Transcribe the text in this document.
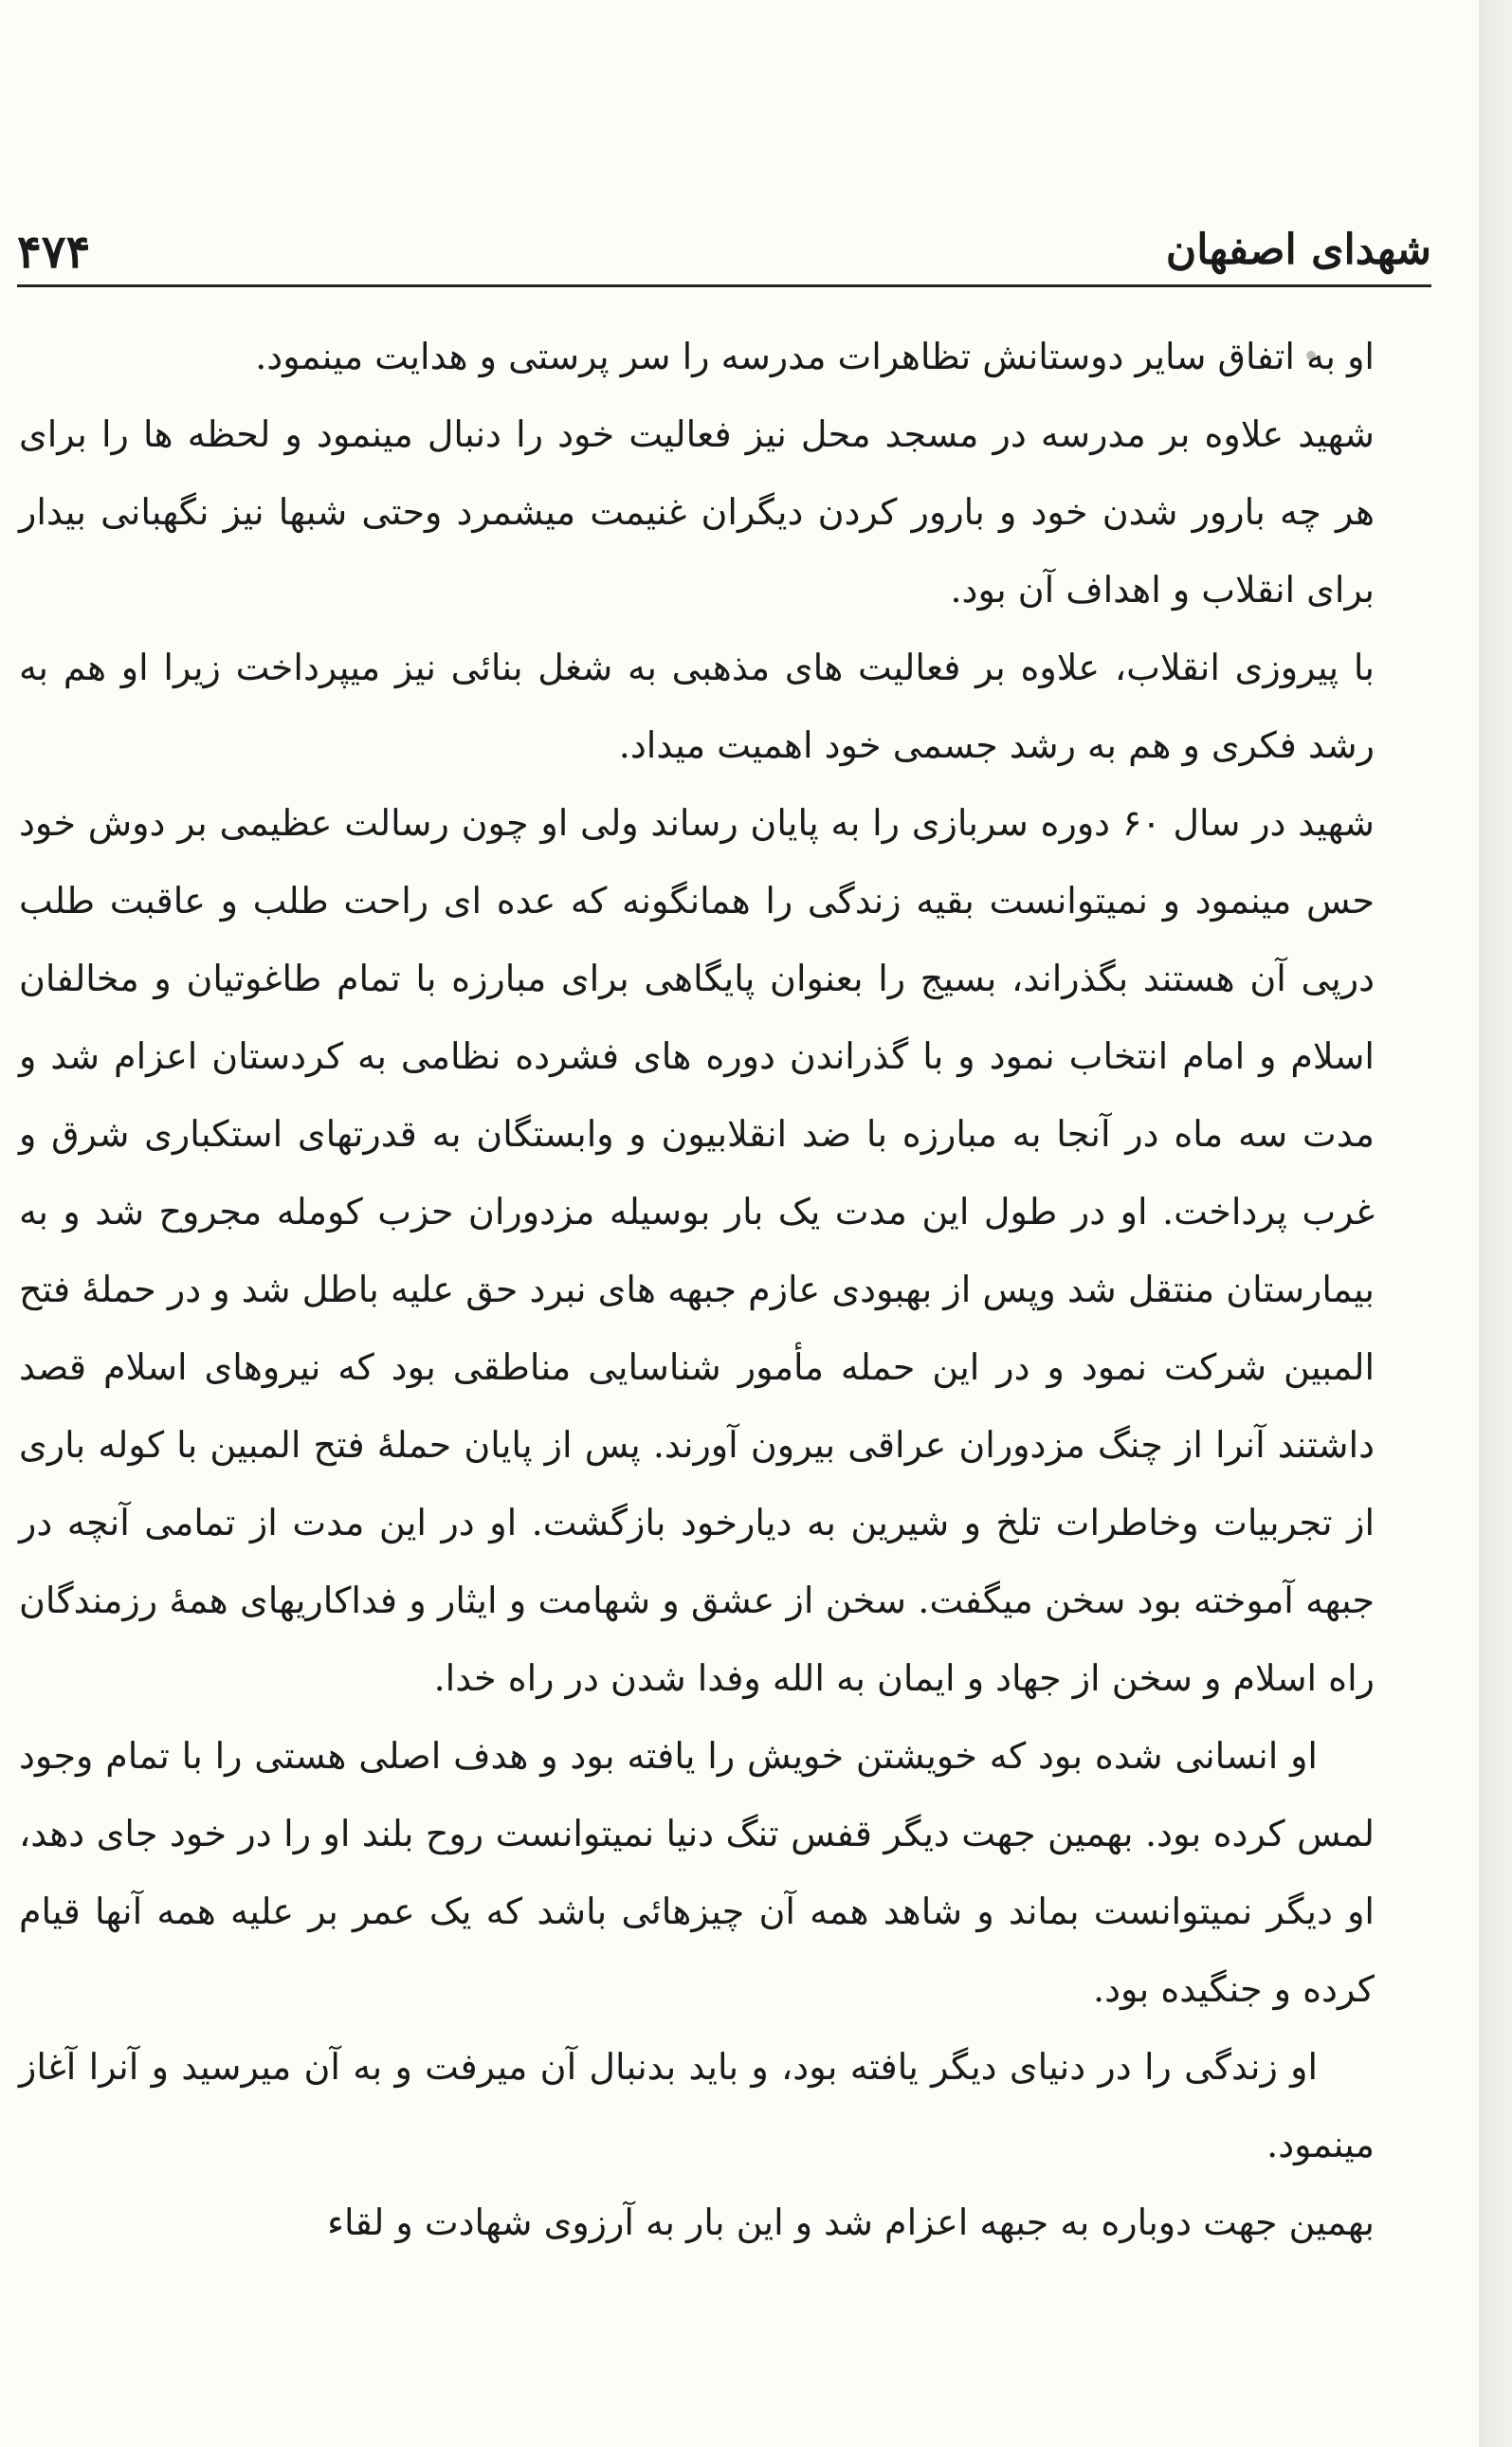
شهدای اصفهان
۴۷۴

او به اتفاق سایر دوستانش تظاهرات مدرسه را سر پرستی و هدایت مینمود.

شهید علاوه بر مدرسه در مسجد محل نیز فعالیت خود را دنبال مینمود و لحظه ها را برای هر چه بارور شدن خود و بارور کردن دیگران غنیمت میشمرد وحتی شبها نیز نگهبانی بیدار برای انقلاب و اهداف آن بود.

با پیروزی انقلاب، علاوه بر فعالیت های مذهبی به شغل بنائی نیز میپرداخت زیرا او هم به رشد فکری و هم به رشد جسمی خود اهمیت میداد.

شهید در سال ۶۰ دوره سربازی را به پایان رساند ولی او چون رسالت عظیمی بر دوش خود حس مینمود و نمیتوانست بقیه زندگی را همانگونه که عده ای راحت طلب و عاقبت طلب درپی آن هستند بگذراند، بسیج را بعنوان پایگاهی برای مبارزه با تمام طاغوتیان و مخالفان اسلام و امام انتخاب نمود و با گذراندن دوره های فشرده نظامی به کردستان اعزام شد و مدت سه ماه در آنجا به مبارزه با ضد انقلابیون و وابستگان به قدرتهای استکباری شرق و غرب پرداخت. او در طول این مدت یک بار بوسیله مزدوران حزب کومله مجروح شد و به بیمارستان منتقل شد وپس از بهبودی عازم جبهه های نبرد حق علیه باطل شد و در حملهٔ فتح المبین شرکت نمود و در این حمله مأمور شناسایی مناطقی بود که نیروهای اسلام قصد داشتند آنرا از چنگ مزدوران عراقی بیرون آورند. پس از پایان حملهٔ فتح المبین با کوله باری از تجربیات وخاطرات تلخ و شیرین به دیارخود بازگشت. او در این مدت از تمامی آنچه در جبهه آموخته بود سخن میگفت. سخن از عشق و شهامت و ایثار و فداکاریهای همهٔ رزمندگان راه اسلام و سخن از جهاد و ایمان به الله وفدا شدن در راه خدا.

او انسانی شده بود که خویشتن خویش را یافته بود و هدف اصلی هستی را با تمام وجود لمس کرده بود. بهمین جهت دیگر قفس تنگ دنیا نمیتوانست روح بلند او را در خود جای دهد، او دیگر نمیتوانست بماند و شاهد همه آن چیزهائی باشد که یک عمر بر علیه همه آنها قیام کرده و جنگیده بود.

او زندگی را در دنیای دیگر یافته بود، و باید بدنبال آن میرفت و به آن میرسید و آنرا آغاز مینمود.

بهمین جهت دوباره به جبهه اعزام شد و این بار به آرزوی شهادت و لقاء
